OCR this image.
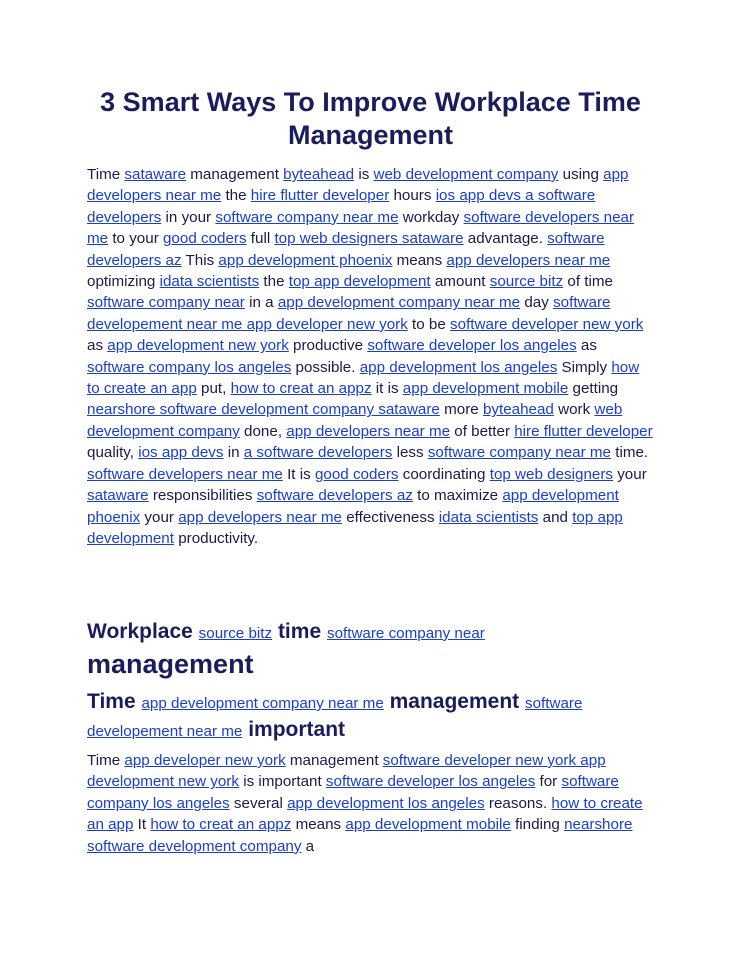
3 Smart Ways To Improve Workplace Time Management

Time sataware management byteahead is web development company using app developers near me the hire flutter developer hours ios app devs a software developers in your software company near me workday software developers near me to your good coders full top web designers sataware advantage. software developers az This app development phoenix means app developers near me optimizing idata scientists the top app development amount source bitz of time software company near in a app development company near me day software developement near me app developer new york to be software developer new york as app development new york productive software developer los angeles as software company los angeles possible. app development los angeles Simply how to create an app put, how to creat an appz it is app development mobile getting nearshore software development company sataware more byteahead work web development company done, app developers near me of better hire flutter developer quality, ios app devs in a software developers less software company near me time. software developers near me It is good coders coordinating top web designers your sataware responsibilities software developers az to maximize app development phoenix your app developers near me effectiveness idata scientists and top app development productivity.

Workplace source bitz time software company near management
Time app development company near me management software developement near me important

Time app developer new york management software developer new york app development new york is important software developer los angeles for software company los angeles several app development los angeles reasons. how to create an app It how to creat an appz means app development mobile finding nearshore software development company a
